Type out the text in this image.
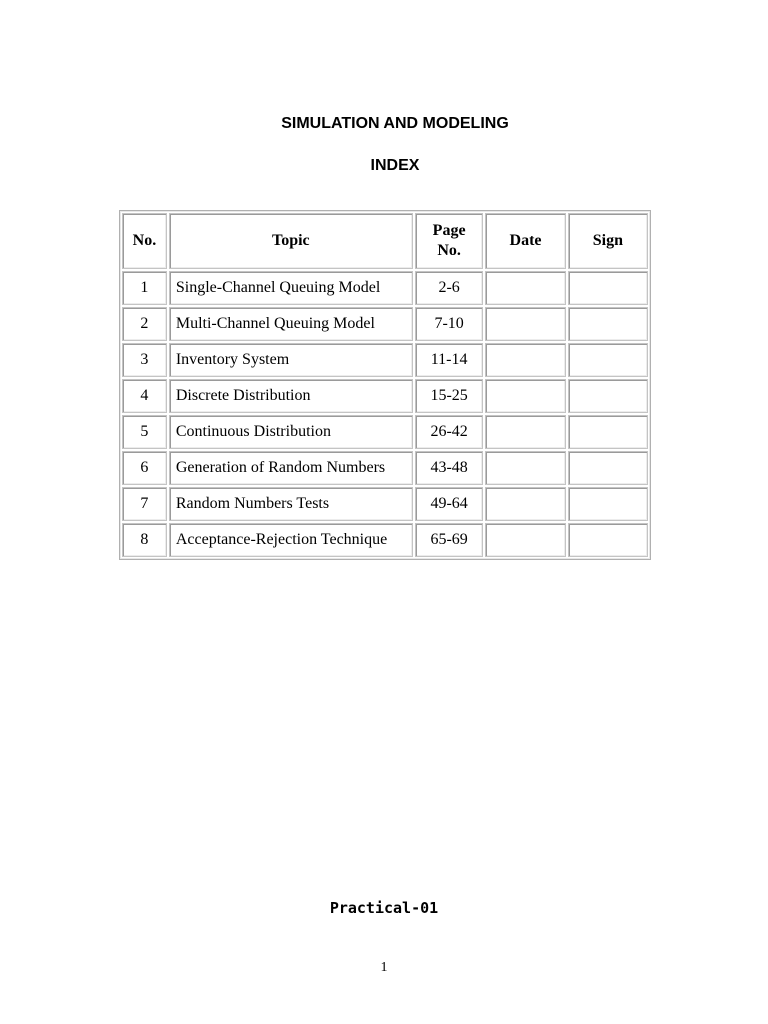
SIMULATION AND MODELING
INDEX
No.	Topic	Page No.	Date	Sign
1	Single-Channel Queuing Model	2-6		
2	Multi-Channel Queuing Model	7-10		
3	Inventory System	11-14		
4	Discrete Distribution	15-25		
5	Continuous Distribution	26-42		
6	Generation of Random Numbers	43-48		
7	Random Numbers Tests	49-64		
8	Acceptance-Rejection Technique	65-69		
Practical-01
1
